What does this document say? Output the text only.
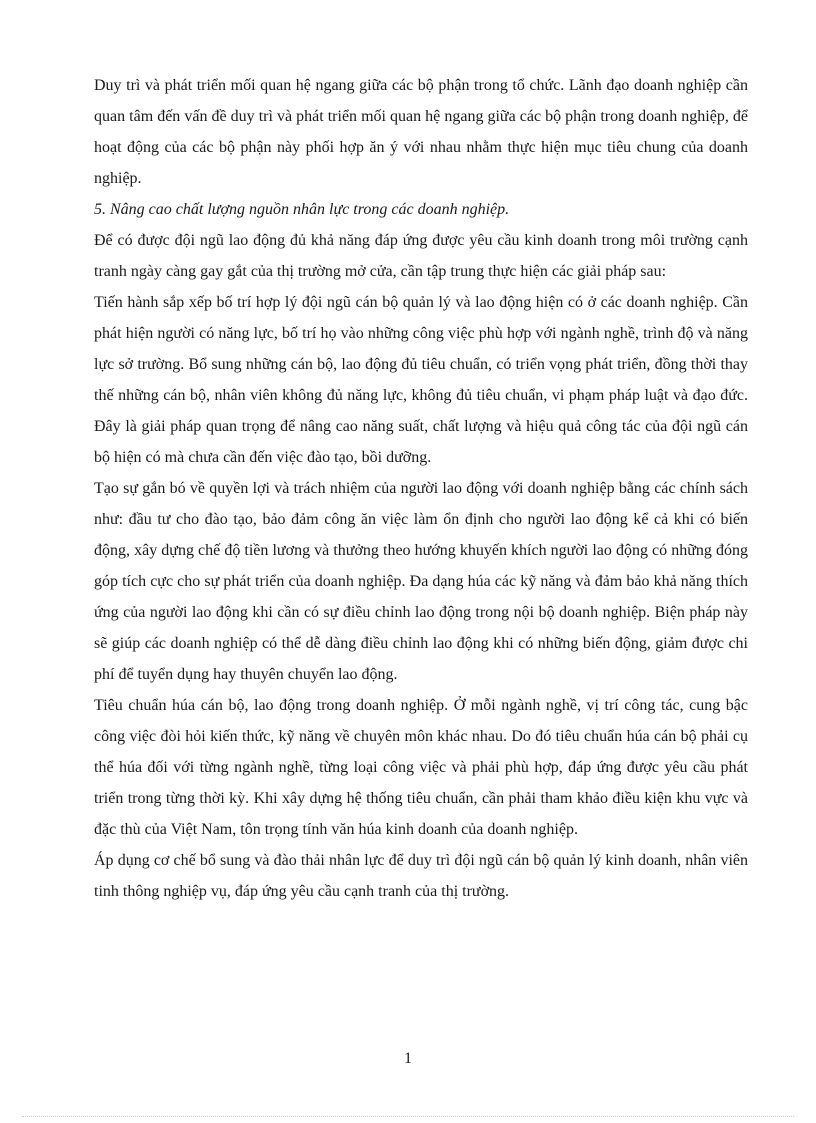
Duy trì và phát triển mối quan hệ ngang giữa các bộ phận trong tổ chức. Lãnh đạo doanh nghiệp cần quan tâm đến vấn đề duy trì và phát triển mối quan hệ ngang giữa các bộ phận trong doanh nghiệp, để hoạt động của các bộ phận này phối hợp ăn ý với nhau nhằm thực hiện mục tiêu chung của doanh nghiệp.

5. Nâng cao chất lượng nguồn nhân lực trong các doanh nghiệp.

Để có được đội ngũ lao động đủ khả năng đáp ứng được yêu cầu kinh doanh trong môi trường cạnh tranh ngày càng gay gắt của thị trường mở cửa, cần tập trung thực hiện các giải pháp sau:

Tiến hành sắp xếp bố trí hợp lý đội ngũ cán bộ quản lý và lao động hiện có ở các doanh nghiệp. Cần phát hiện người có năng lực, bố trí họ vào những công việc phù hợp với ngành nghề, trình độ và năng lực sở trường. Bổ sung những cán bộ, lao động đủ tiêu chuẩn, có triển vọng phát triển, đồng thời thay thế những cán bộ, nhân viên không đủ năng lực, không đủ tiêu chuẩn, vi phạm pháp luật và đạo đức. Đây là giải pháp quan trọng để nâng cao năng suất, chất lượng và hiệu quả công tác của đội ngũ cán bộ hiện có mà chưa cần đến việc đào tạo, bồi dưỡng.

Tạo sự gắn bó về quyền lợi và trách nhiệm của người lao động với doanh nghiệp bằng các chính sách như: đầu tư cho đào tạo, bảo đảm công ăn việc làm ổn định cho người lao động kể cả khi có biến động, xây dựng chế độ tiền lương và thưởng theo hướng khuyến khích người lao động có những đóng góp tích cực cho sự phát triển của doanh nghiệp. Đa dạng húa các kỹ năng và đảm bảo khả năng thích ứng của người lao động khi cần có sự điều chỉnh lao động trong nội bộ doanh nghiệp. Biện pháp này sẽ giúp các doanh nghiệp có thể dễ dàng điều chỉnh lao động khi có những biến động, giảm được chi phí để tuyển dụng hay thuyên chuyển lao động.

Tiêu chuẩn húa cán bộ, lao động trong doanh nghiệp. Ở mỗi ngành nghề, vị trí công tác, cung bậc công việc đòi hỏi kiến thức, kỹ năng về chuyên môn khác nhau. Do đó tiêu chuẩn húa cán bộ phải cụ thể húa đối với từng ngành nghề, từng loại công việc và phải phù hợp, đáp ứng được yêu cầu phát triển trong từng thời kỳ. Khi xây dựng hệ thống tiêu chuẩn, cần phải tham khảo điều kiện khu vực và đặc thù của Việt Nam, tôn trọng tính văn húa kinh doanh của doanh nghiệp.

Áp dụng cơ chế bổ sung và đào thải nhân lực để duy trì đội ngũ cán bộ quản lý kinh doanh, nhân viên tinh thông nghiệp vụ, đáp ứng yêu cầu cạnh tranh của thị trường.

1
